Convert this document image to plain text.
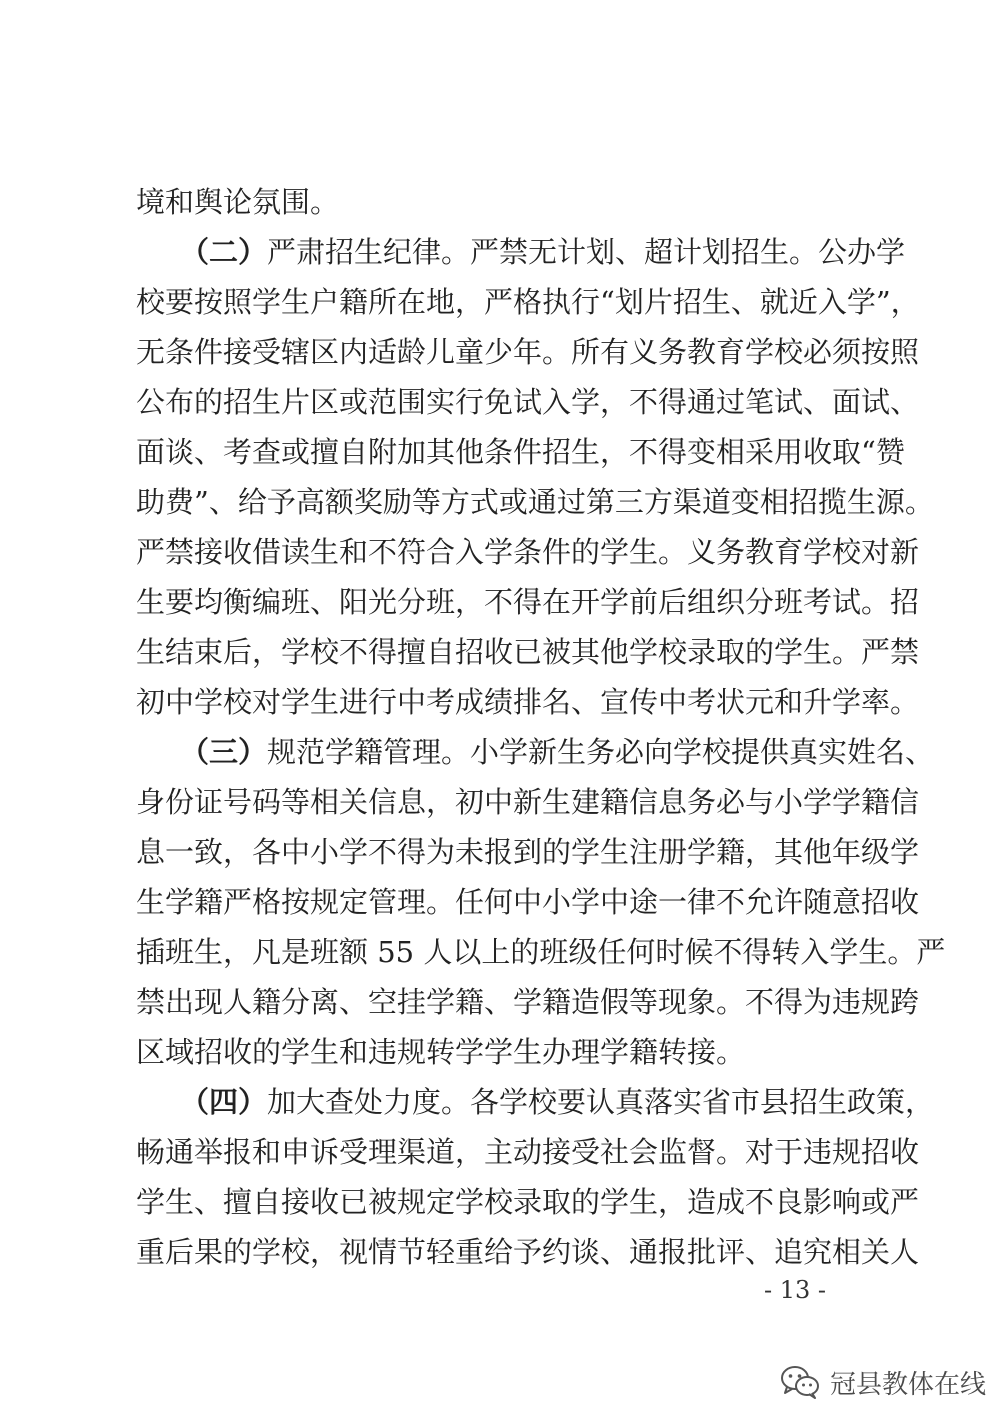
境和舆论氛围。
（二）严肃招生纪律。严禁无计划、超计划招生。公办学
校要按照学生户籍所在地，严格执行“划片招生、就近入学”，
无条件接受辖区内适龄儿童少年。所有义务教育学校必须按照
公布的招生片区或范围实行免试入学，不得通过笔试、面试、
面谈、考查或擅自附加其他条件招生，不得变相采用收取“赞
助费”、给予高额奖励等方式或通过第三方渠道变相招揽生源。
严禁接收借读生和不符合入学条件的学生。义务教育学校对新
生要均衡编班、阳光分班，不得在开学前后组织分班考试。招
生结束后，学校不得擅自招收已被其他学校录取的学生。严禁
初中学校对学生进行中考成绩排名、宣传中考状元和升学率。
（三）规范学籍管理。小学新生务必向学校提供真实姓名、
身份证号码等相关信息，初中新生建籍信息务必与小学学籍信
息一致，各中小学不得为未报到的学生注册学籍，其他年级学
生学籍严格按规定管理。任何中小学中途一律不允许随意招收
插班生，凡是班额 55 人以上的班级任何时候不得转入学生。严
禁出现人籍分离、空挂学籍、学籍造假等现象。不得为违规跨
区域招收的学生和违规转学学生办理学籍转接。
（四）加大查处力度。各学校要认真落实省市县招生政策，
畅通举报和申诉受理渠道，主动接受社会监督。对于违规招收
学生、擅自接收已被规定学校录取的学生，造成不良影响或严
重后果的学校，视情节轻重给予约谈、通报批评、追究相关人
- 13 -
冠县教体在线
